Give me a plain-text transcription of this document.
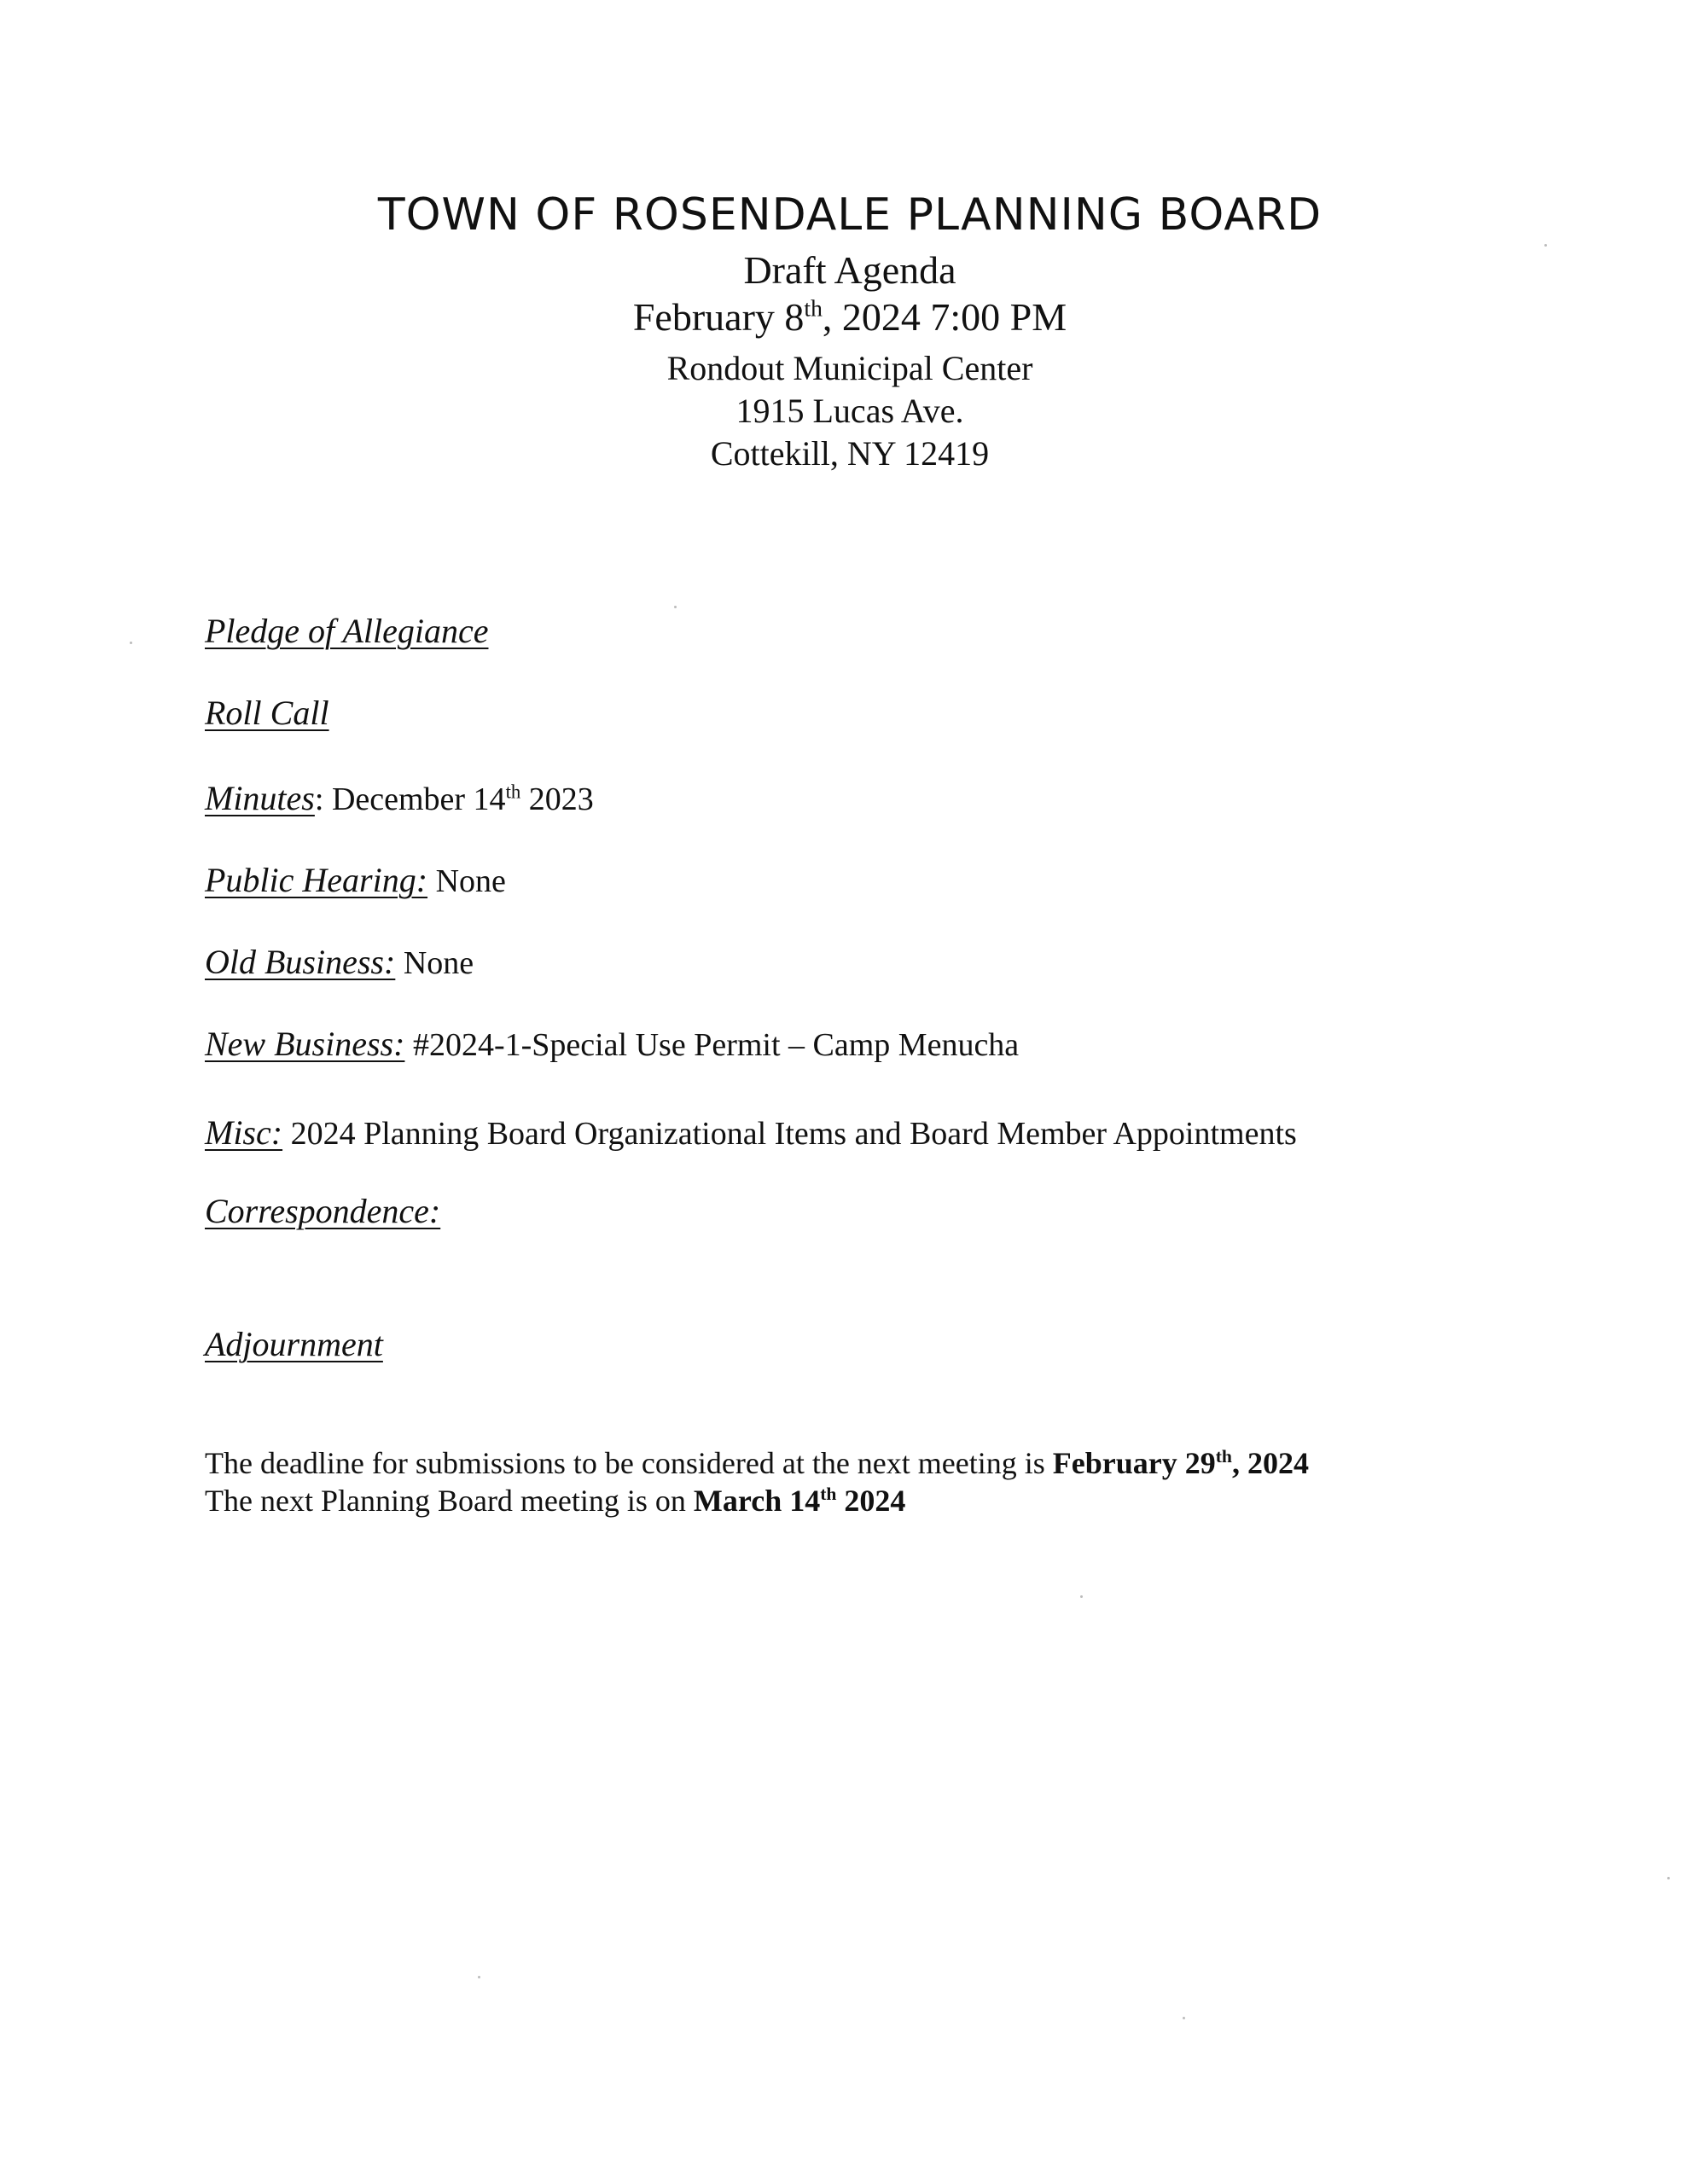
TOWN OF ROSENDALE PLANNING BOARD
Draft Agenda
February 8th, 2024 7:00 PM
Rondout Municipal Center
1915 Lucas Ave.
Cottekill, NY 12419
Pledge of Allegiance
Roll Call
Minutes: December 14th 2023
Public Hearing: None
Old Business: None
New Business: #2024-1-Special Use Permit – Camp Menucha
Misc: 2024 Planning Board Organizational Items and Board Member Appointments
Correspondence:
Adjournment
The deadline for submissions to be considered at the next meeting is February 29th, 2024
The next Planning Board meeting is on March 14th 2024
